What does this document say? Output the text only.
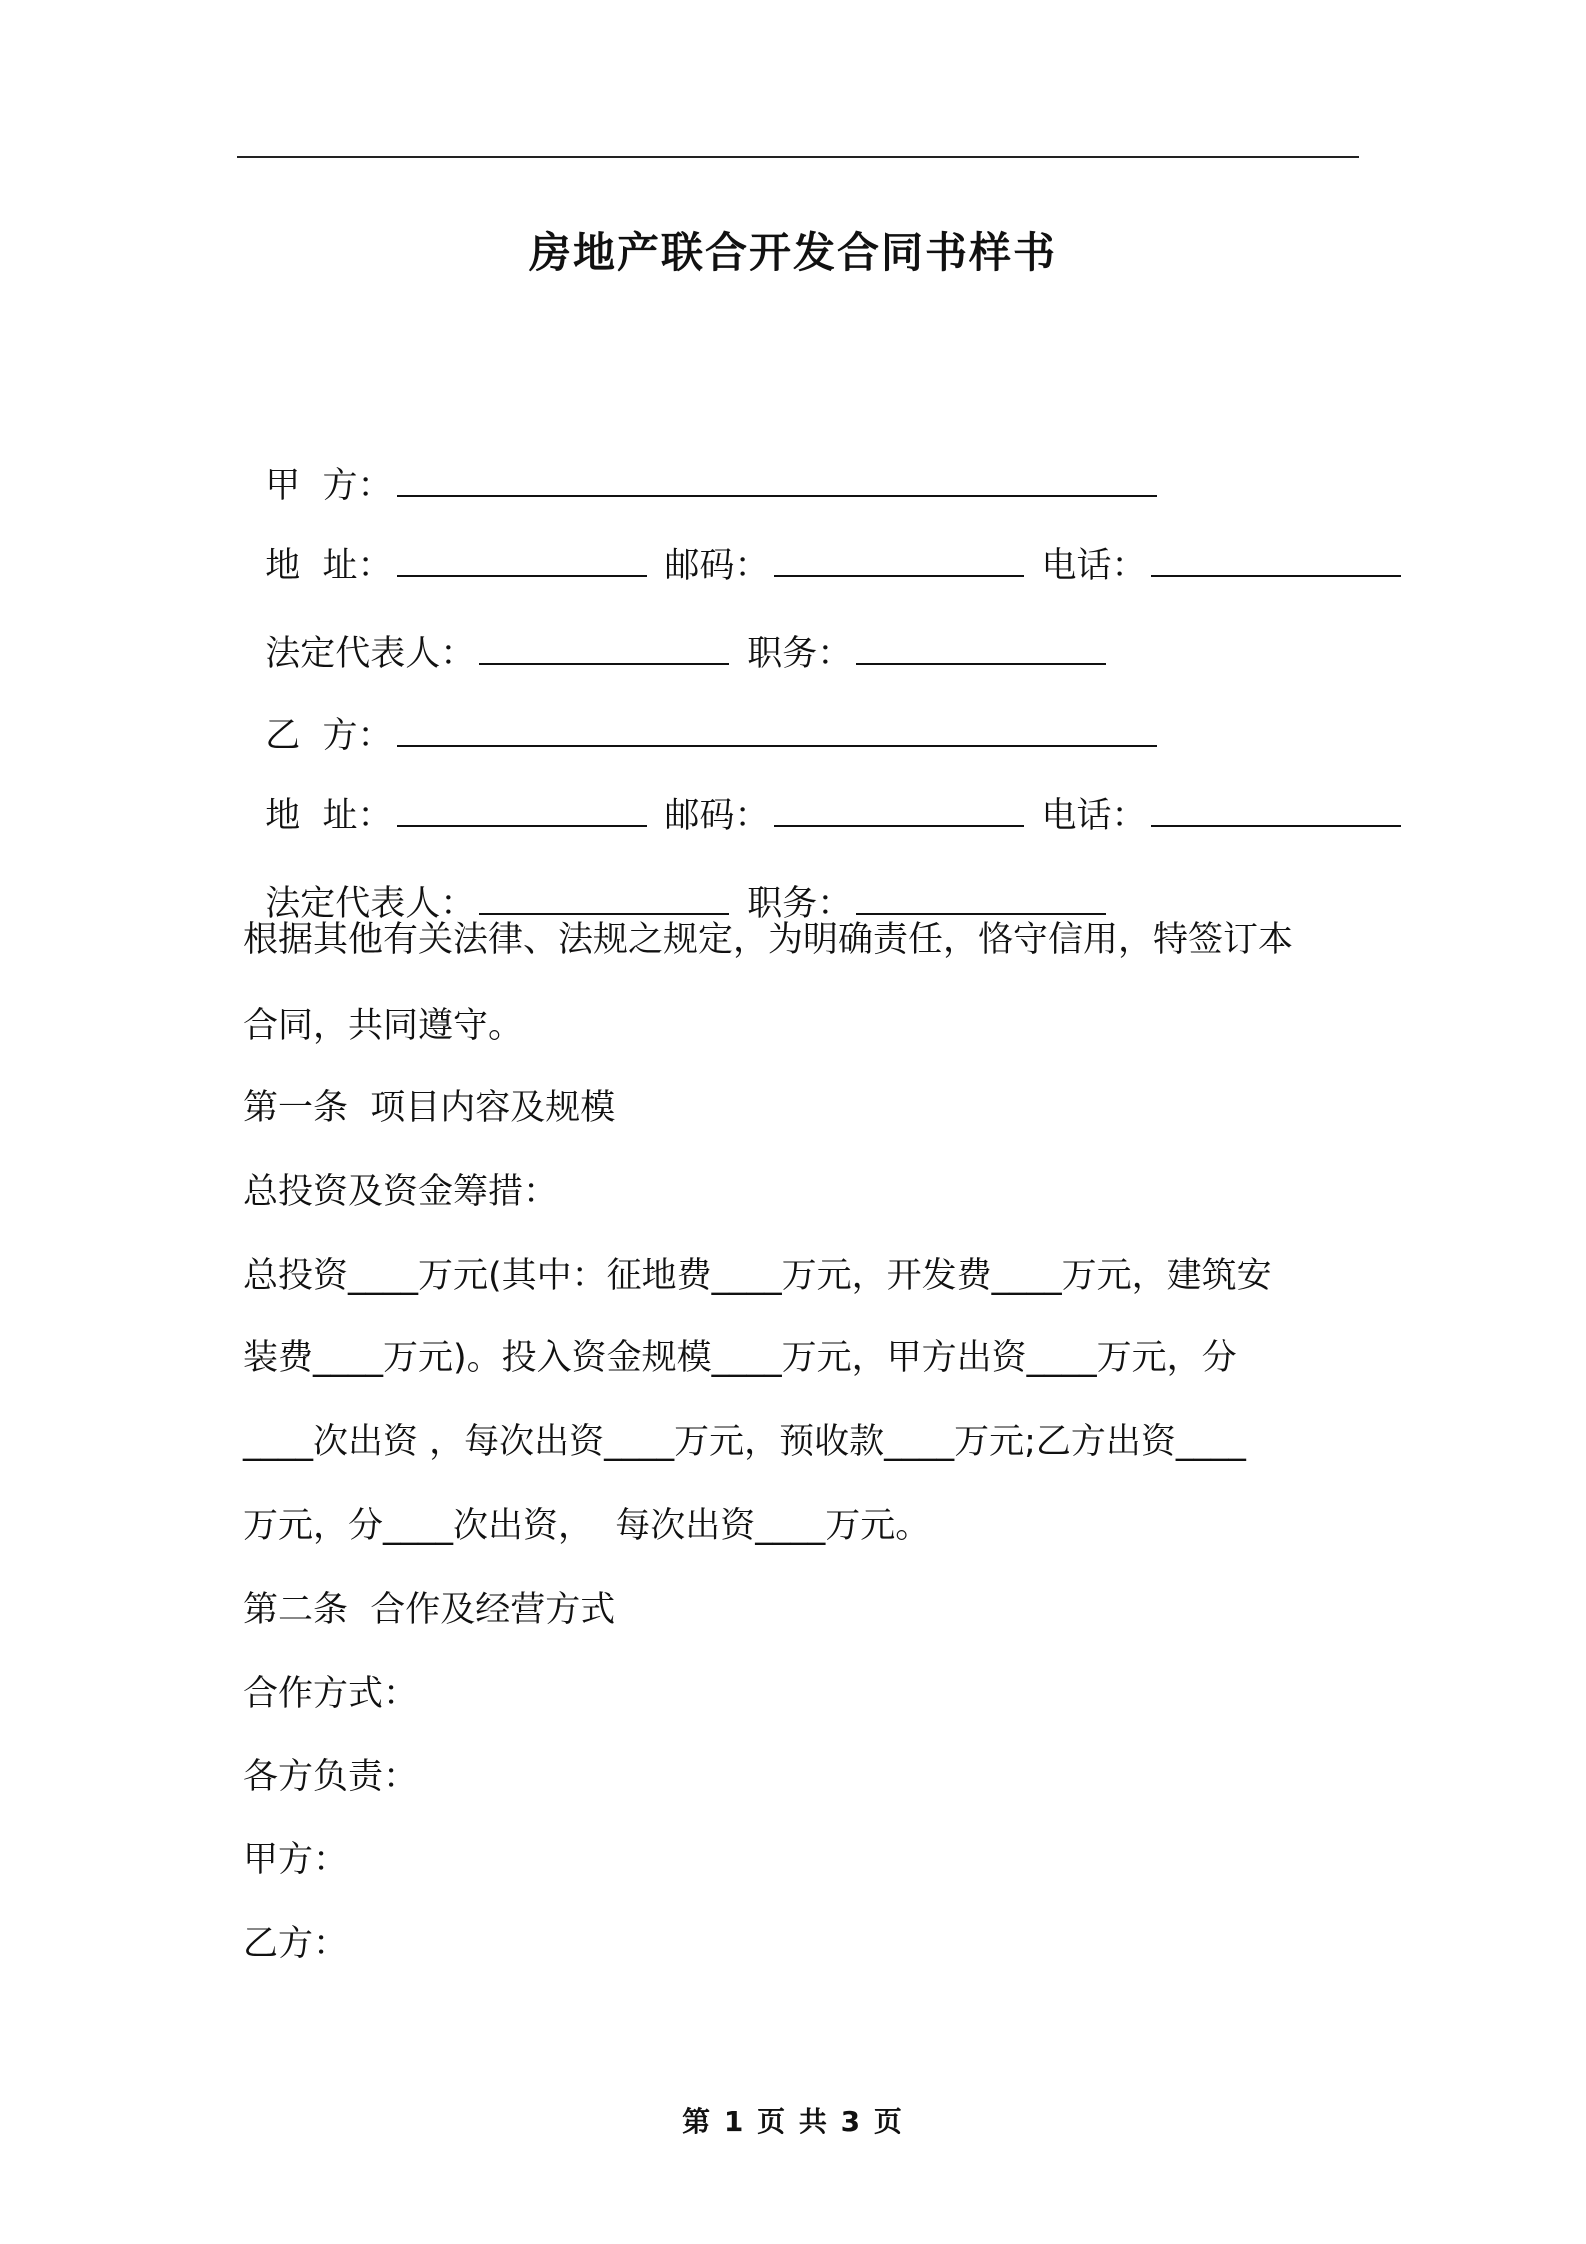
房地产联合开发合同书样书

甲  方：

地  址：	邮码：	电话：

法定代表人：	职务：

乙  方：

地  址：	邮码：	电话：

法定代表人：	职务：

根据其他有关法律、法规之规定，为明确责任，恪守信用，特签订本
合同，共同遵守。
第一条  项目内容及规模
总投资及资金筹措：
总投资____万元(其中：征地费____万元，开发费____万元，建筑安
装费____万元)。投入资金规模____万元，甲方出资____万元，分
____次出资 ，每次出资____万元，预收款____万元;乙方出资____
万元，分____次出资，  每次出资____万元。
第二条  合作及经营方式
合作方式：
各方负责：
甲方：
乙方：
第 1 页 共 3 页
